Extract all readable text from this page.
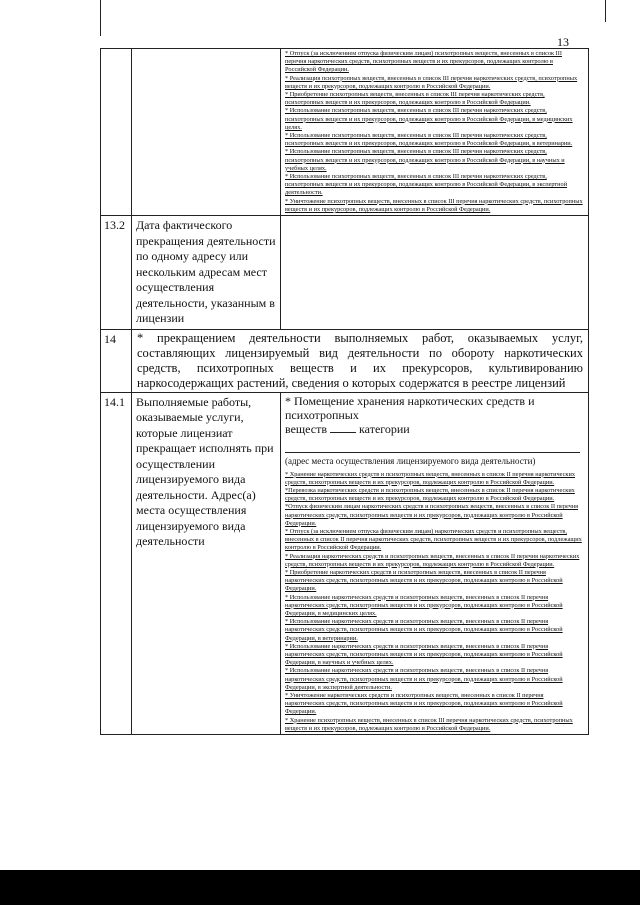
13
* Отпуск (за исключением отпуска физическим лицам) психотропных веществ, внесенных в список III перечня наркотических средств, психотропных веществ и их прекурсоров, подлежащих контролю в Российской Федерации.
* Реализация психотропных веществ, внесенных в список III перечня наркотических средств, психотропных веществ и их прекурсоров, подлежащих контролю в Российской Федерации.
* Приобретение психотропных веществ, внесенных в список III перечня наркотических средств, психотропных веществ и их прекурсоров, подлежащих контролю в Российской Федерации.
* Использование психотропных веществ, внесенных в список III перечня наркотических средств, психотропных веществ и их прекурсоров, подлежащих контролю в Российской Федерации, в медицинских целях.
* Использование психотропных веществ, внесенных в список III перечня наркотических средств, психотропных веществ и их прекурсоров, подлежащих контролю в Российской Федерации, в ветеринарии.
* Использование психотропных веществ, внесенных в список III перечня наркотических средств, психотропных веществ и их прекурсоров, подлежащих контролю в Российской Федерации, в научных и учебных целях.
* Использование психотропных веществ, внесенных в список III перечня наркотических средств, психотропных веществ и их прекурсоров, подлежащих контролю в Российской Федерации, в экспертной деятельности.
* Уничтожение психотропных веществ, внесенных в список III перечня наркотических средств, психотропных веществ и их прекурсоров, подлежащих контролю в Российской Федерации.
13.2 Дата фактического прекращения деятельности по одному адресу или нескольким адресам мест осуществления деятельности, указанным в лицензии
14	* прекращением деятельности выполняемых работ, оказываемых услуг, составляющих лицензируемый вид деятельности по обороту наркотических средств, психотропных веществ и их прекурсоров, культивированию наркосодержащих растений, сведения о которых содержатся в реестре лицензий
14.1 Выполняемые работы, оказываемые услуги, которые лицензиат прекращает исполнять при осуществлении лицензируемого вида деятельности. Адрес(а) места осуществления лицензируемого вида деятельности
* Помещение хранения наркотических средств и психотропных
веществ	категории
(адрес места осуществления лицензируемого вида деятельности)
* Хранение наркотических средств и психотропных веществ, внесенных в список II перечня наркотических средств, психотропных веществ и их прекурсоров, подлежащих контролю в Российской Федерации.
*Перевозка наркотических средств и психотропных веществ, внесенных в список II перечня наркотических средств, психотропных веществ и их прекурсоров, подлежащих контролю в Российской Федерации.
*Отпуск физическим лицам наркотических средств и психотропных веществ, внесенных в список II перечня наркотических средств, психотропных веществ и их прекурсоров, подлежащих контролю в Российской Федерации.
* Отпуск (за исключением отпуска физическим лицам) наркотических средств и психотропных веществ, внесенных в список II перечня наркотических средств, психотропных веществ и их прекурсоров, подлежащих контролю в Российской Федерации.
* Реализация наркотических средств и психотропных веществ, внесенных в список II перечня наркотических средств, психотропных веществ и их прекурсоров, подлежащих контролю в Российской Федерации.
* Приобретение наркотических средств и психотропных веществ, внесенных в список II перечня наркотических средств, психотропных веществ и их прекурсоров, подлежащих контролю в Российской Федерации.
* Использование наркотических средств и психотропных веществ, внесенных в список II перечня наркотических средств, психотропных веществ и их прекурсоров, подлежащих контролю в Российской Федерации, в медицинских целях.
* Использование наркотических средств и психотропных веществ, внесенных в список II перечня наркотических средств, психотропных веществ и их прекурсоров, подлежащих контролю в Российской Федерации, в ветеринарии.
* Использование наркотических средств и психотропных веществ, внесенных в список II перечня наркотических средств, психотропных веществ и их прекурсоров, подлежащих контролю в Российской Федерации, в научных и учебных целях.
* Использование наркотических средств и психотропных веществ, внесенных в список II перечня наркотических средств, психотропных веществ и их прекурсоров, подлежащих контролю в Российской Федерации, в экспертной деятельности.
* Уничтожение наркотических средств и психотропных веществ, внесенных в список II перечня наркотических средств, психотропных веществ и их прекурсоров, подлежащих контролю в Российской Федерации.
* Хранение психотропных веществ, внесенных в список III перечня наркотических средств, психотропных веществ и их прекурсоров, подлежащих контролю в Российской Федерации.
